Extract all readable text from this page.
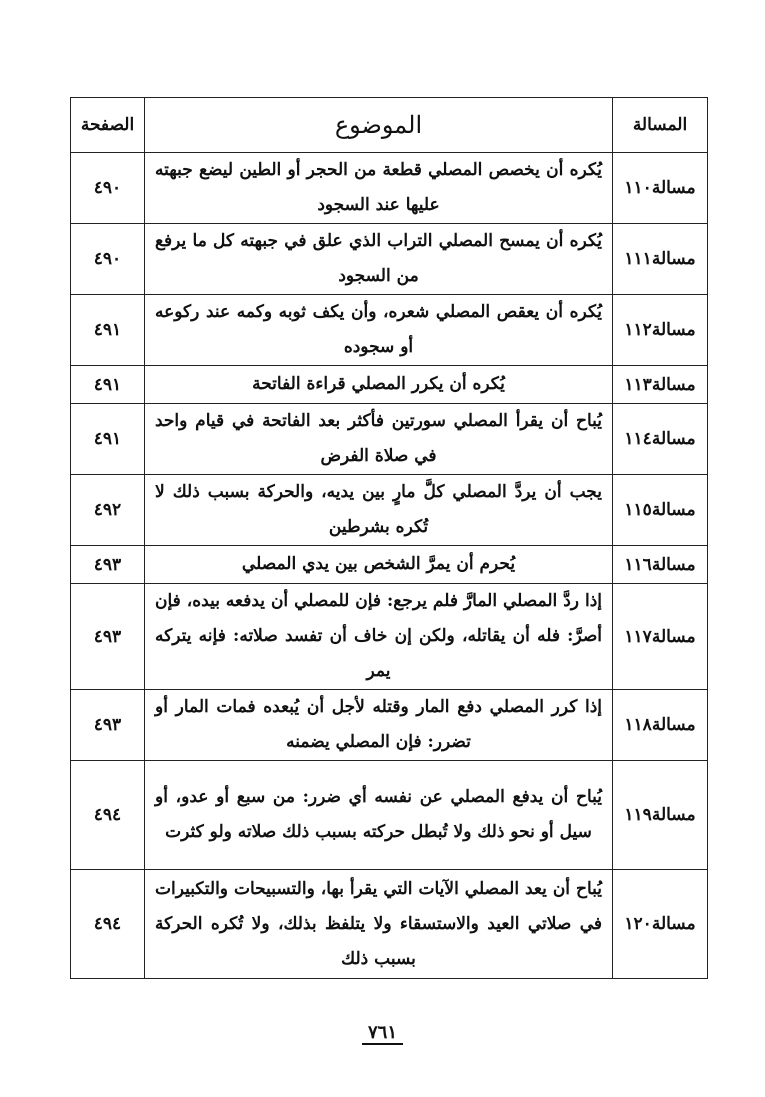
المسالة	الموضوع	الصفحة
مسالة١١٠	يُكره أن يخصص المصلي قطعة من الحجر أو الطين ليضع جبهته عليها عند السجود	٤٩٠
مسالة١١١	يُكره أن يمسح المصلي التراب الذي علق في جبهته كل ما يرفع من السجود	٤٩٠
مسالة١١٢	يُكره أن يعقص المصلي شعره، وأن يكف ثوبه وكمه عند ركوعه أو سجوده	٤٩١
مسالة١١٣	يُكره أن يكرر المصلي قراءة الفاتحة	٤٩١
مسالة١١٤	يُباح أن يقرأ المصلي سورتين فأكثر بعد الفاتحة في قيام واحد في صلاة الفرض	٤٩١
مسالة١١٥	يجب أن يردَّ المصلي كلَّ مارٍ بين يديه، والحركة بسبب ذلك لا تُكره بشرطين	٤٩٢
مسالة١١٦	يُحرم أن يمرَّ الشخص بين يدي المصلي	٤٩٣
مسالة١١٧	إذا ردَّ المصلي المارَّ فلم يرجع: فإن للمصلي أن يدفعه بيده، فإن أصرَّ: فله أن يقاتله، ولكن إن خاف أن تفسد صلاته: فإنه يتركه يمر	٤٩٣
مسالة١١٨	إذا كرر المصلي دفع المار وقتله لأجل أن يُبعده فمات المار أو تضرر: فإن المصلي يضمنه	٤٩٣
مسالة١١٩	يُباح أن يدفع المصلي عن نفسه أي ضرر: من سبع أو عدو، أو سيل أو نحو ذلك ولا تُبطل حركته بسبب ذلك صلاته ولو كثرت	٤٩٤
مسالة١٢٠	يُباح أن يعد المصلي الآيات التي يقرأ بها، والتسبيحات والتكبيرات في صلاتي العيد والاستسقاء ولا يتلفظ بذلك، ولا تُكره الحركة بسبب ذلك	٤٩٤
٧٦١
